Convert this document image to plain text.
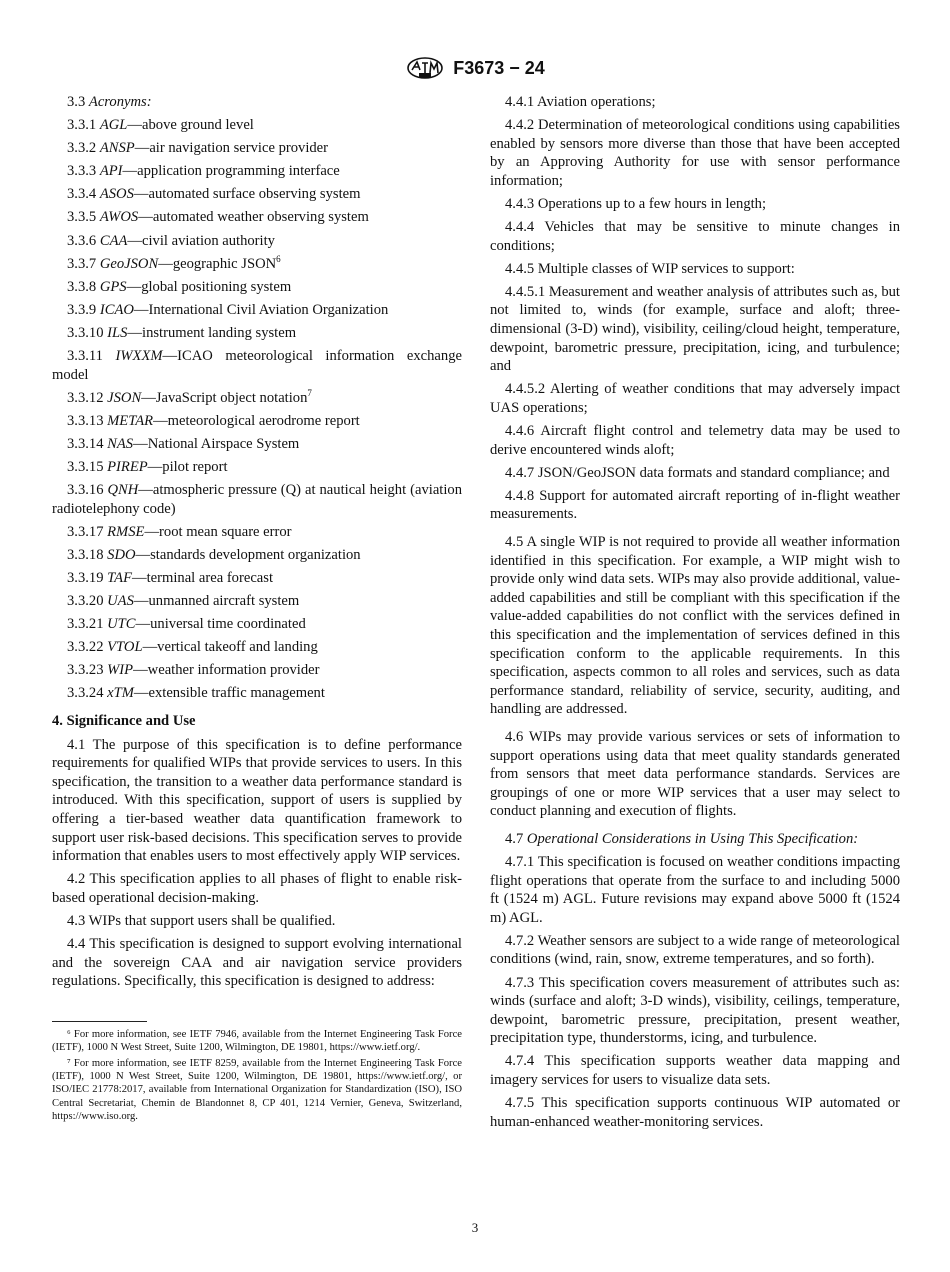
F3673 − 24

3.3 Acronyms:

3.3.1 AGL—above ground level

3.3.2 ANSP—air navigation service provider

3.3.3 API—application programming interface

3.3.4 ASOS—automated surface observing system

3.3.5 AWOS—automated weather observing system

3.3.6 CAA—civil aviation authority

3.3.7 GeoJSON—geographic JSON$^6$

3.3.8 GPS—global positioning system

3.3.9 ICAO—International Civil Aviation Organization

3.3.10 ILS—instrument landing system

3.3.11 IWXXM—ICAO meteorological information exchange model

3.3.12 JSON—JavaScript object notation$^7$

3.3.13 METAR—meteorological aerodrome report

3.3.14 NAS—National Airspace System

3.3.15 PIREP—pilot report

3.3.16 QNH—atmospheric pressure (Q) at nautical height (aviation radiotelephony code)

3.3.17 RMSE—root mean square error

3.3.18 SDO—standards development organization

3.3.19 TAF—terminal area forecast

3.3.20 UAS—unmanned aircraft system

3.3.21 UTC—universal time coordinated

3.3.22 VTOL—vertical takeoff and landing

3.3.23 WIP—weather information provider

3.3.24 xTM—extensible traffic management

4. Significance and Use

4.1 The purpose of this specification is to define performance requirements for qualified WIPs that provide services to users. In this specification, the transition to a weather data performance standard is introduced. With this specification, support of users is supplied by offering a tier-based weather data quantification framework to support user risk-based decisions. This specification serves to provide information that enables users to most effectively apply WIP services.

4.2 This specification applies to all phases of flight to enable risk-based operational decision-making.

4.3 WIPs that support users shall be qualified.

4.4 This specification is designed to support evolving international and the sovereign CAA and air navigation service providers regulations. Specifically, this specification is designed to address:

⁶ For more information, see IETF 7946, available from the Internet Engineering Task Force (IETF), 1000 N West Street, Suite 1200, Wilmington, DE 19801, https://www.ietf.org/.

⁷ For more information, see IETF 8259, available from the Internet Engineering Task Force (IETF), 1000 N West Street, Suite 1200, Wilmington, DE 19801, https://www.ietf.org/, or ISO/IEC 21778:2017, available from International Organization for Standardization (ISO), ISO Central Secretariat, Chemin de Blandonnet 8, CP 401, 1214 Vernier, Geneva, Switzerland, https://www.iso.org.

4.4.1 Aviation operations;

4.4.2 Determination of meteorological conditions using capabilities enabled by sensors more diverse than those that have been accepted by an Approving Authority for use with sensor performance information;

4.4.3 Operations up to a few hours in length;

4.4.4 Vehicles that may be sensitive to minute changes in conditions;

4.4.5 Multiple classes of WIP services to support:

4.4.5.1 Measurement and weather analysis of attributes such as, but not limited to, winds (for example, surface and aloft; three-dimensional (3-D) wind), visibility, ceiling/cloud height, temperature, dewpoint, barometric pressure, precipitation, icing, and turbulence; and

4.4.5.2 Alerting of weather conditions that may adversely impact UAS operations;

4.4.6 Aircraft flight control and telemetry data may be used to derive encountered winds aloft;

4.4.7 JSON/GeoJSON data formats and standard compliance; and

4.4.8 Support for automated aircraft reporting of in-flight weather measurements.

4.5 A single WIP is not required to provide all weather information identified in this specification. For example, a WIP might wish to provide only wind data sets. WIPs may also provide additional, value-added capabilities and still be compliant with this specification if the value-added capabilities do not conflict with the services defined in this specification and the implementation of services defined in this specification conform to the applicable requirements. In this specification, aspects common to all roles and services, such as data performance standard, reliability of service, security, auditing, and handling are addressed.

4.6 WIPs may provide various services or sets of information to support operations using data that meet quality standards generated from sensors that meet data performance standards. Services are groupings of one or more WIP services that a user may select to conduct planning and execution of flights.

4.7 Operational Considerations in Using This Specification:

4.7.1 This specification is focused on weather conditions impacting flight operations that operate from the surface to and including 5000 ft (1524 m) AGL. Future revisions may expand above 5000 ft (1524 m) AGL.

4.7.2 Weather sensors are subject to a wide range of meteorological conditions (wind, rain, snow, extreme temperatures, and so forth).

4.7.3 This specification covers measurement of attributes such as: winds (surface and aloft; 3-D winds), visibility, ceilings, temperature, dewpoint, barometric pressure, precipitation, present weather, precipitation type, thunderstorms, icing, and turbulence.

4.7.4 This specification supports weather data mapping and imagery services for users to visualize data sets.

4.7.5 This specification supports continuous WIP automated or human-enhanced weather-monitoring services.

3
